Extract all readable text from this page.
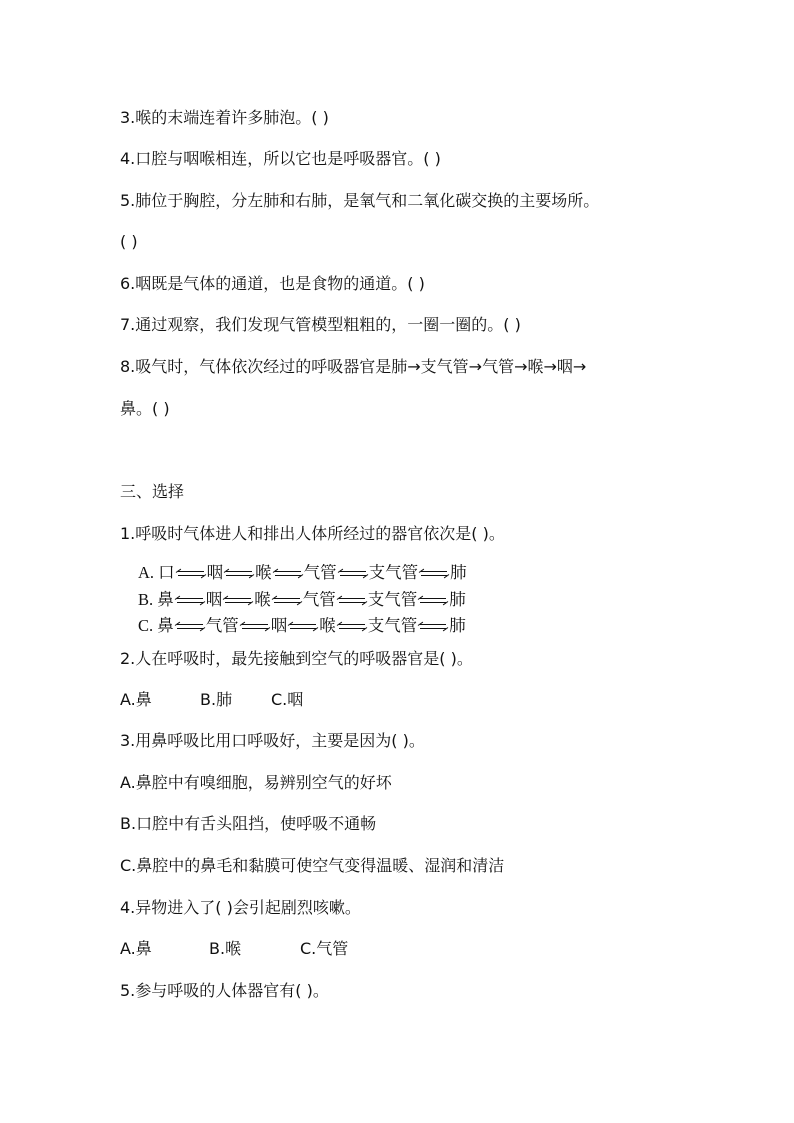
3.喉的末端连着许多肺泡。( )
4.口腔与咽喉相连，所以它也是呼吸器官。( )
5.肺位于胸腔，分左肺和右肺，是氧气和二氧化碳交换的主要场所。
( )
6.咽既是气体的通道，也是食物的通道。( )
7.通过观察，我们发现气管模型粗粗的，一圈一圈的。( )
8.吸气时，气体依次经过的呼吸器官是肺→支气管→气管→喉→咽→
鼻。( )
三、选择
1.呼吸时气体进人和排出人体所经过的器官依次是( )。
A. 口 咽 喉 气管 支气管 肺
B. 鼻 咽 喉 气管 支气管 肺
C. 鼻 气管 咽 喉 支气管 肺
2.人在呼吸时，最先接触到空气的呼吸器官是( )。
A.鼻	B.肺 C.咽
3.用鼻呼吸比用口呼吸好，主要是因为( )。
A.鼻腔中有嗅细胞，易辨别空气的好坏
B.口腔中有舌头阻挡，使呼吸不通畅
C.鼻腔中的鼻毛和黏膜可使空气变得温暖、湿润和清洁
4.异物进入了( )会引起剧烈咳嗽。
A.鼻	B.喉	C.气管
5.参与呼吸的人体器官有( )。
